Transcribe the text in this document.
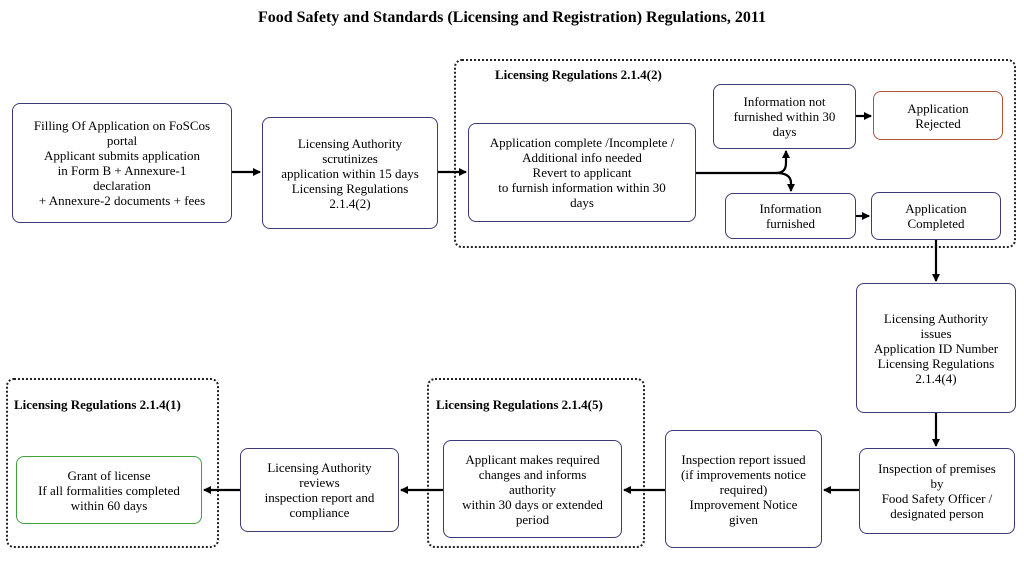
Food Safety and Standards (Licensing and Registration) Regulations, 2011
Licensing Regulations 2.1.4(2)
Licensing Regulations 2.1.4(5)
Licensing Regulations 2.1.4(1)
Filling Of Application on FoSCos
portal
Applicant submits application
in Form B + Annexure-1
declaration
+ Annexure-2 documents + fees
Licensing Authority
scrutinizes
application within 15 days
Licensing Regulations
2.1.4(2)
Application complete /Incomplete /
Additional info needed
Revert to applicant
to furnish information within 30
days
Information not
furnished within 30
days
Application
Rejected
Information
furnished
Application
Completed
Licensing Authority
issues
Application ID Number
Licensing Regulations
2.1.4(4)
Inspection of premises
by
Food Safety Officer /
designated person
Inspection report issued
(if improvements notice
required)
Improvement Notice
given
Applicant makes required
changes and informs
authority
within 30 days or extended
period
Licensing Authority
reviews
inspection report and
compliance
Grant of license
If all formalities completed
within 60 days
